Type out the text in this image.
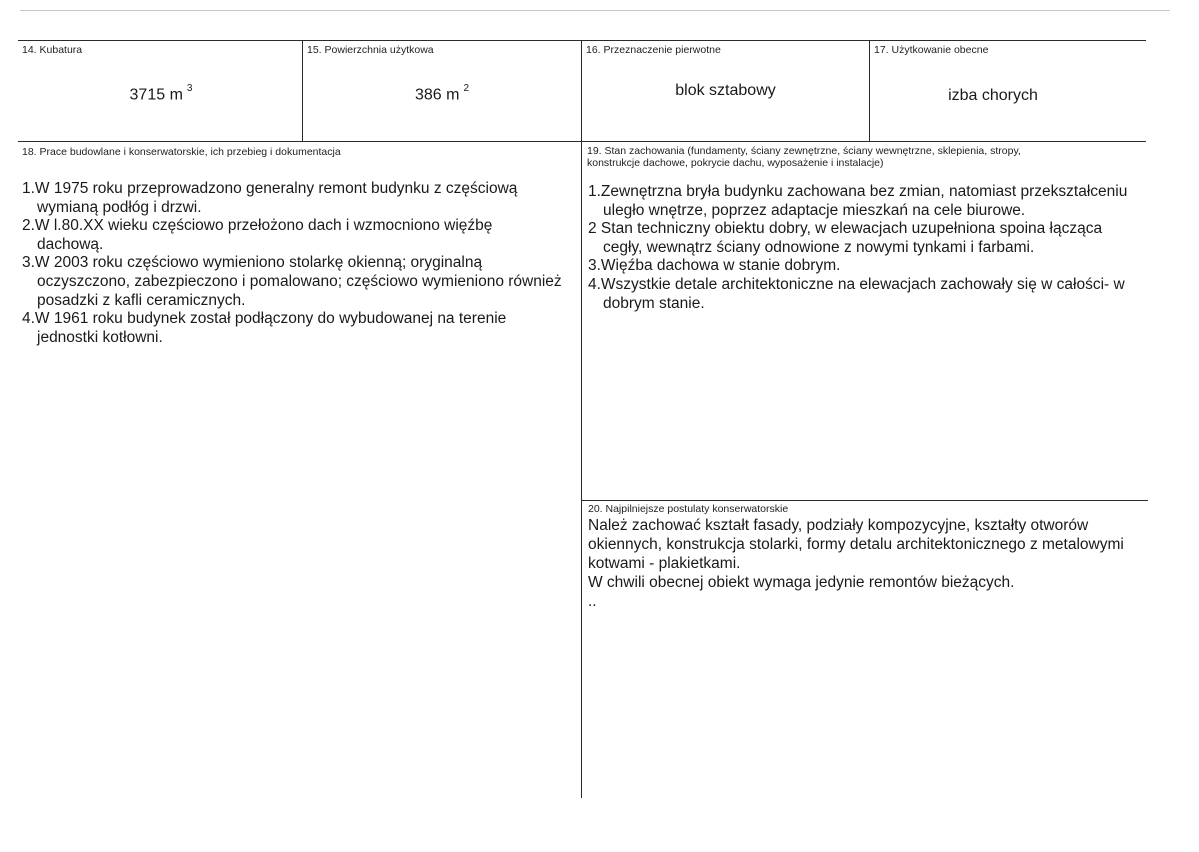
14. Kubatura
3715 m $^3$
15. Powierzchnia użytkowa
386 m $^2$
16. Przeznaczenie pierwotne
blok sztabowy
17. Użytkowanie obecne
izba chorych
18. Prace budowlane i konserwatorskie, ich przebieg i dokumentacja
1.W 1975 roku przeprowadzono generalny remont budynku z częściową wymianą podłóg i drzwi.
2.W l.80.XX wieku częściowo przełożono dach i wzmocniono więźbę dachową.
3.W 2003 roku częściowo wymieniono stolarkę okienną; oryginalną oczyszczono, zabezpieczono i pomalowano; częściowo wymieniono również posadzki z kafli ceramicznych.
4.W 1961 roku budynek został podłączony do wybudowanej na terenie jednostki kotłowni.
19. Stan zachowania (fundamenty, ściany zewnętrzne, ściany wewnętrzne, sklepienia, stropy,
konstrukcje dachowe, pokrycie dachu, wyposażenie i instalacje)
1.Zewnętrzna bryła budynku zachowana bez zmian, natomiast przekształceniu uległo wnętrze, poprzez adaptacje mieszkań na cele biurowe.
2 Stan techniczny obiektu dobry, w elewacjach uzupełniona spoina łącząca cegły, wewnątrz ściany odnowione z nowymi tynkami i farbami.
3.Więźba dachowa w stanie dobrym.
4.Wszystkie detale architektoniczne na elewacjach zachowały się w całości- w dobrym stanie.
20. Najpilniejsze postulaty konserwatorskie
Należ zachować kształt fasady, podziały kompozycyjne, kształty otworów okiennych, konstrukcja stolarki, formy detalu architektonicznego z metalowymi kotwami - plakietkami.
W chwili obecnej obiekt wymaga jedynie remontów bieżących.
..
